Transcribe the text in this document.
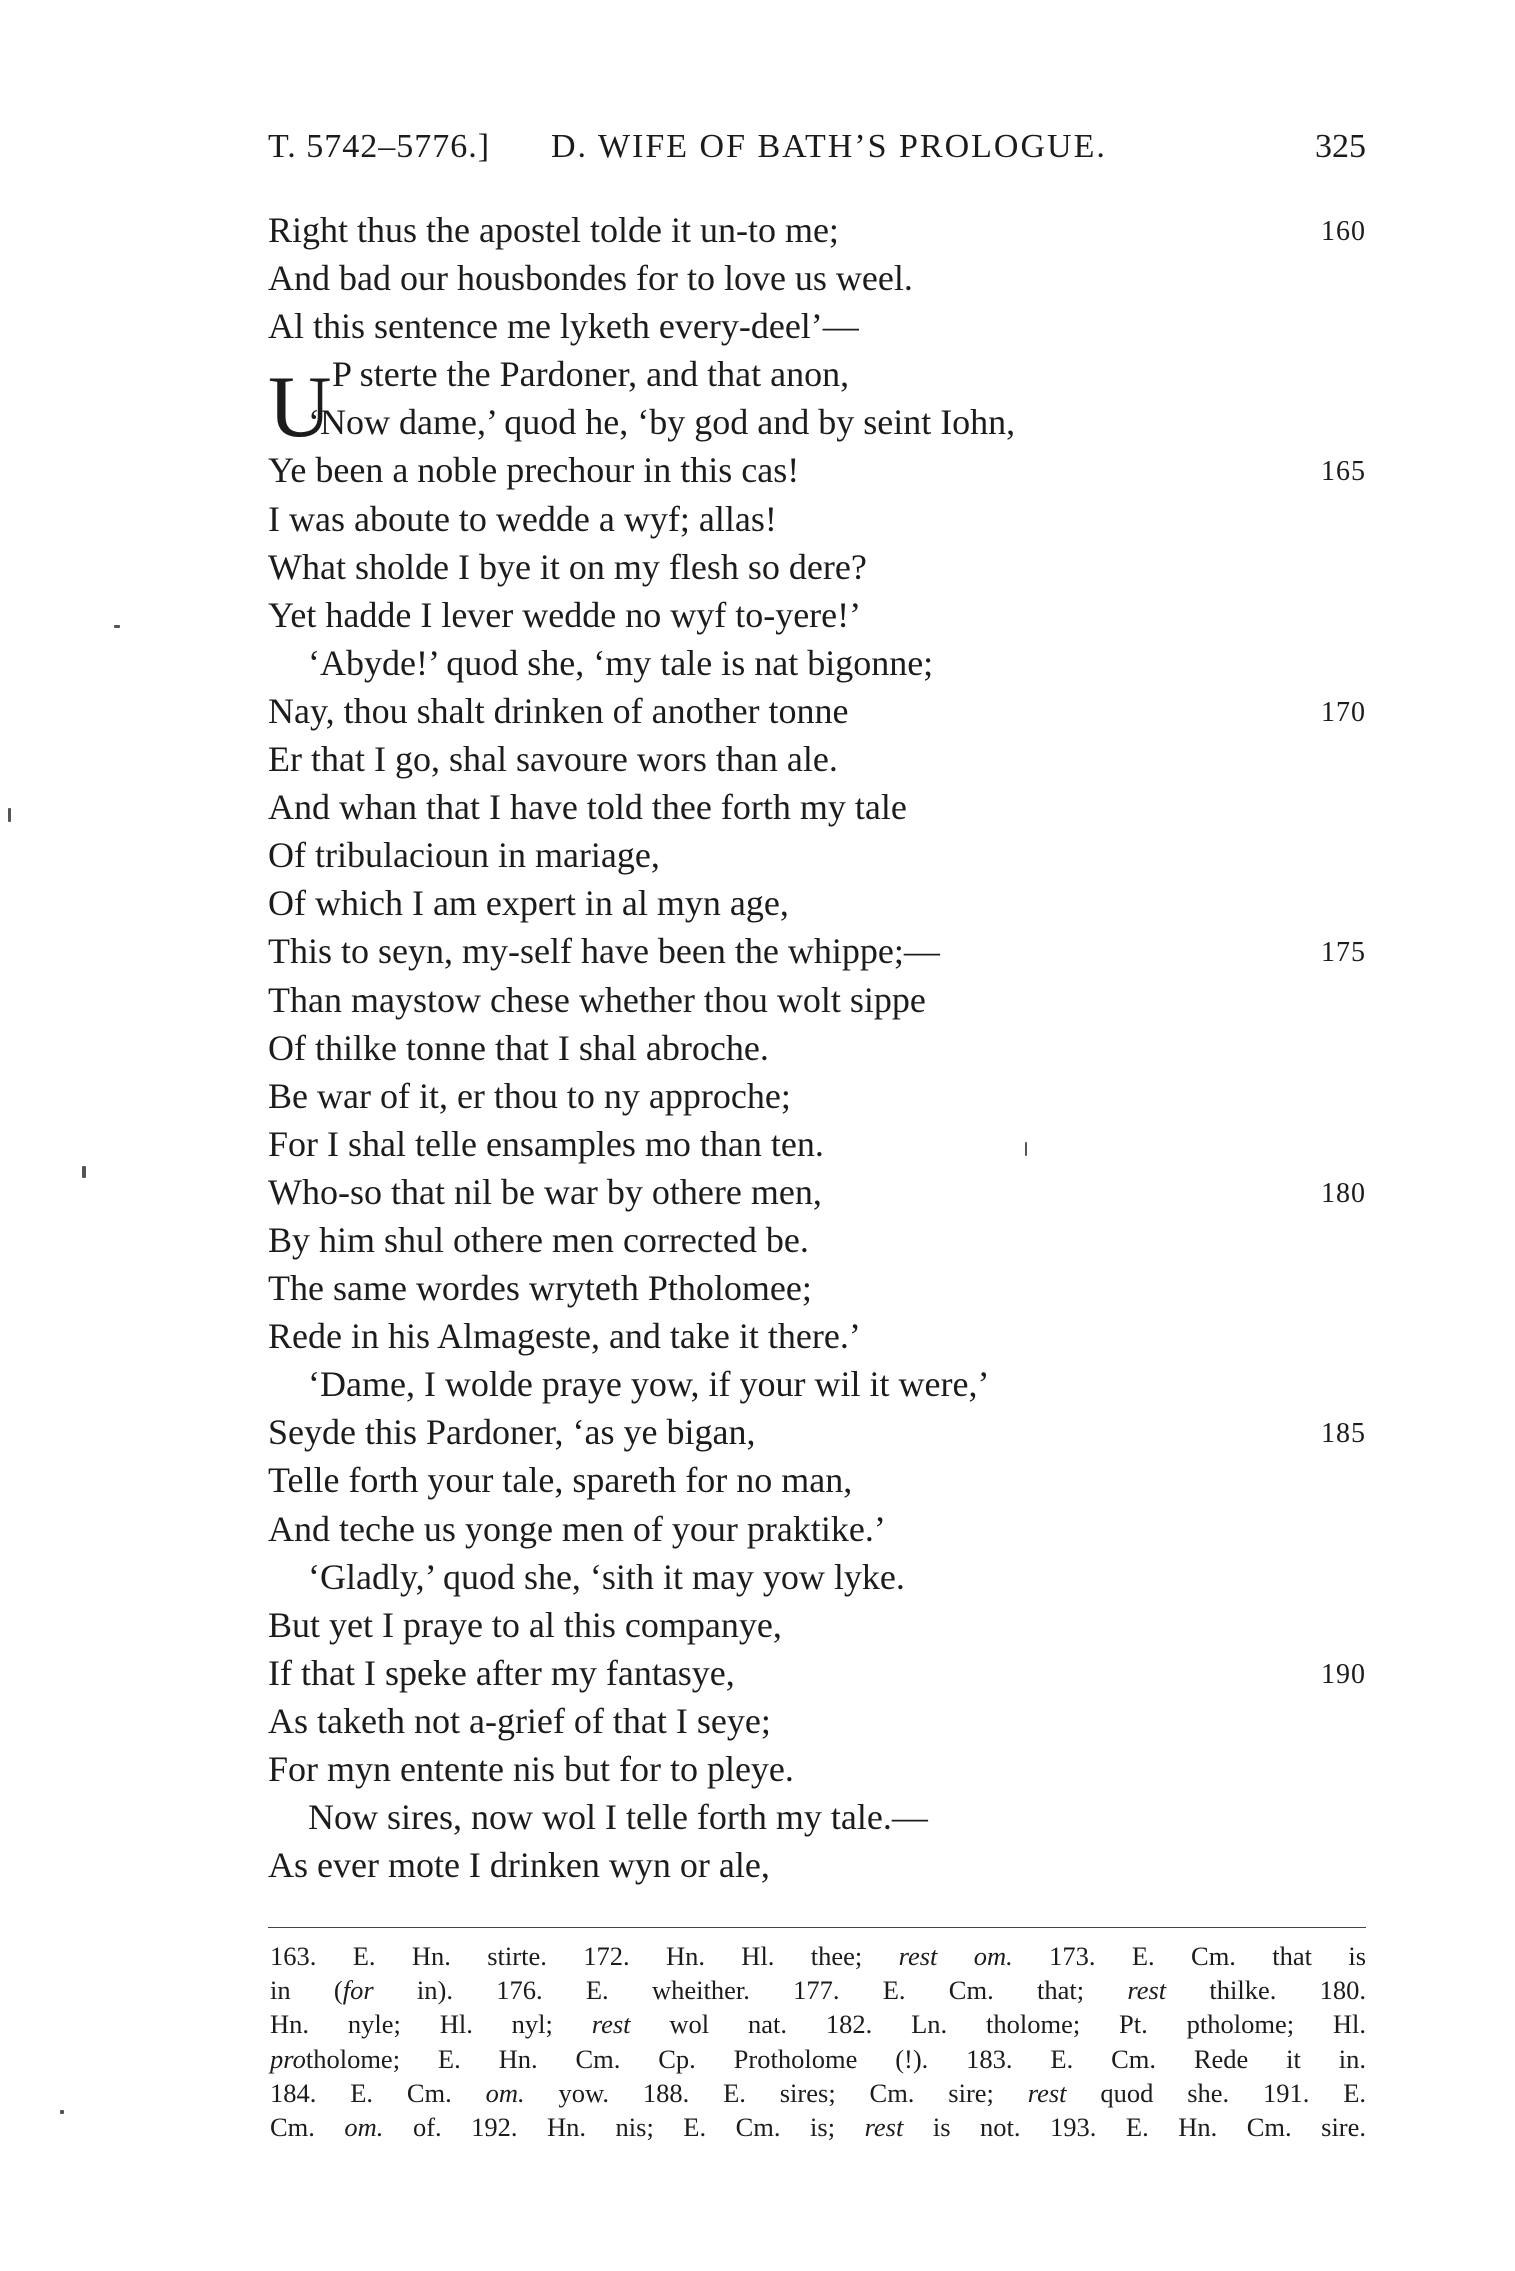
T. 5742–5776.] D. WIFE OF BATH’S PROLOGUE.	325
Right thus the apostel tolde it un-to me;	160
And bad our housbondes for to love us weel.
Al this sentence me lyketh every-deel’—
U P sterte the Pardoner, and that anon,
‘Now dame,’ quod he, ‘by god and by seint Iohn,
Ye been a noble prechour in this cas!	165
I was aboute to wedde a wyf; allas!
What sholde I bye it on my flesh so dere?
Yet hadde I lever wedde no wyf to-yere!’
‘Abyde!’ quod she, ‘my tale is nat bigonne;
Nay, thou shalt drinken of another tonne	170
Er that I go, shal savoure wors than ale.
And whan that I have told thee forth my tale
Of tribulacioun in mariage,
Of which I am expert in al myn age,
This to seyn, my-self have been the whippe;—	175
Than maystow chese whether thou wolt sippe
Of thilke tonne that I shal abroche.
Be war of it, er thou to ny approche;
For I shal telle ensamples mo than ten.
Who-so that nil be war by othere men,	180
By him shul othere men corrected be.
The same wordes wryteth Ptholomee;
Rede in his Almageste, and take it there.’
‘Dame, I wolde praye yow, if your wil it were,’
Seyde this Pardoner, ‘as ye bigan,	185
Telle forth your tale, spareth for no man,
And teche us yonge men of your praktike.’
‘Gladly,’ quod she, ‘sith it may yow lyke.
But yet I praye to al this companye,
If that I speke after my fantasye,	190
As taketh not a-grief of that I seye;
For myn entente nis but for to pleye.
Now sires, now wol I telle forth my tale.—
As ever mote I drinken wyn or ale,
163. E. Hn. stirte. 172. Hn. Hl. thee; rest om. 173. E. Cm. that is
in (for in). 176. E. wheither. 177. E. Cm. that; rest thilke. 180.
Hn. nyle; Hl. nyl; rest wol nat. 182. Ln. tholome; Pt. ptholome; Hl.
protholome; E. Hn. Cm. Cp. Protholome (!). 183. E. Cm. Rede it in.
184. E. Cm. om. yow. 188. E. sires; Cm. sire; rest quod she. 191. E.
Cm. om. of. 192. Hn. nis; E. Cm. is; rest is not. 193. E. Hn. Cm. sire.
